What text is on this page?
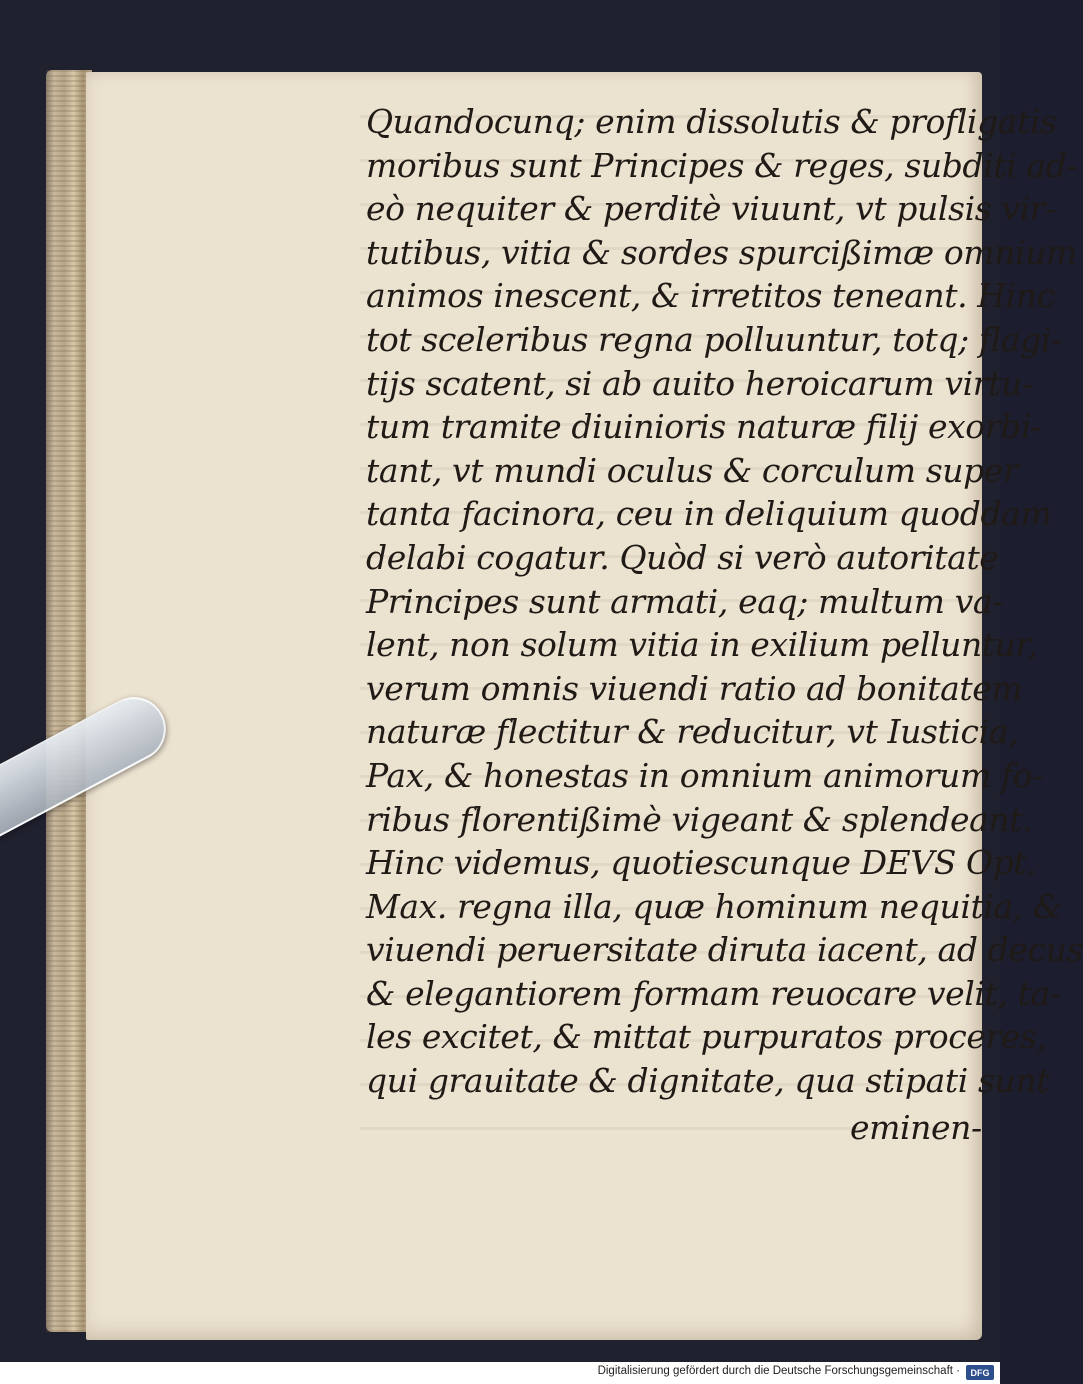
Quandocunq; enim dissolutis & profligatis
moribus sunt Principes & reges, subditi ad-
eò nequiter & perditè viuunt, vt pulsis vir-
tutibus, vitia & sordes spurcißimæ omnium
animos inescent, & irretitos teneant. Hinc
tot sceleribus regna polluuntur, totq; flagi-
tijs scatent, si ab auito heroicarum virtu-
tum tramite diuinioris naturæ filij exorbi-
tant, vt mundi oculus & corculum super
tanta facinora, ceu in deliquium quoddam
delabi cogatur. Quòd si verò autoritate
Principes sunt armati, eaq; multum va-
lent, non solum vitia in exilium pelluntur,
verum omnis viuendi ratio ad bonitatem
naturæ flectitur & reducitur, vt Iusticia,
Pax, & honestas in omnium animorum fo-
ribus florentißimè vigeant & splendeant.
Hinc videmus, quotiescunque DEVS Opt.
Max. regna illa, quæ hominum nequitia, &
viuendi peruersitate diruta iacent, ad decus
& elegantiorem formam reuocare velit, ta-
les excitet, & mittat purpuratos proceres,
qui grauitate & dignitate, qua stipati sunt
eminen-
Digitalisierung gefördert durch die Deutsche Forschungsgemeinschaft ·	DFG
